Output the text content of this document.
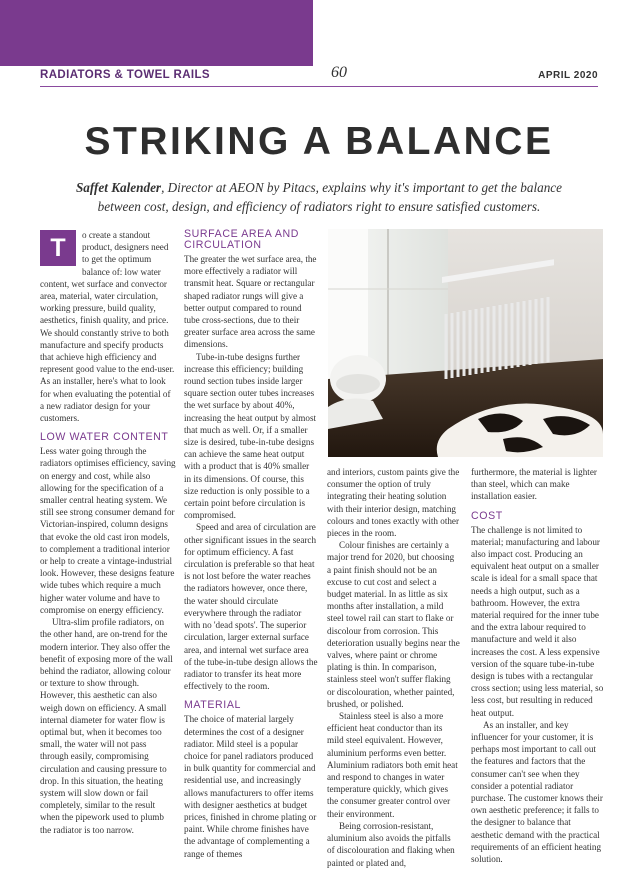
RADIATORS & TOWEL RAILS	60	APRIL 2020
STRIKING A BALANCE
Saffet Kalender, Director at AEON by Pitacs, explains why it's important to get the balance between cost, design, and efficiency of radiators right to ensure satisfied customers.

T	o create a standout product, designers need to get the optimum balance of: low water content, wet surface and convector area, material, water circulation, working pressure, build quality, aesthetics, finish quality, and price. We should constantly strive to both manufacture and specify products that achieve high efficiency and represent good value to the end-user. As an installer, here's what to look for when evaluating the potential of a new radiator design for your customers.

LOW WATER CONTENT

Less water going through the radiators optimises efficiency, saving on energy and cost, while also allowing for the specification of a smaller central heating system. We still see strong consumer demand for Victorian-inspired, column designs that evoke the old cast iron models, to complement a traditional interior or help to create a vintage-industrial look. However, these designs feature wide tubes which require a much higher water volume and have to compromise on energy efficiency.

Ultra-slim profile radiators, on the other hand, are on-trend for the modern interior. They also offer the benefit of exposing more of the wall behind the radiator, allowing colour or texture to show through. However, this aesthetic can also weigh down on efficiency. A small internal diameter for water flow is optimal but, when it becomes too small, the water will not pass through easily, compromising circulation and causing pressure to drop. In this situation, the heating system will slow down or fail completely, similar to the result when the pipework used to plumb the radiator is too narrow.

SURFACE AREA AND CIRCULATION

The greater the wet surface area, the more effectively a radiator will transmit heat. Square or rectangular shaped radiator rungs will give a better output compared to round tube cross-sections, due to their greater surface area across the same dimensions.

Tube-in-tube designs further increase this efficiency; building round section tubes inside larger square section outer tubes increases the wet surface by about 40%, increasing the heat output by almost that much as well. Or, if a smaller size is desired, tube-in-tube designs can achieve the same heat output with a product that is 40% smaller in its dimensions. Of course, this size reduction is only possible to a certain point before circulation is compromised.

Speed and area of circulation are other significant issues in the search for optimum efficiency. A fast circulation is preferable so that heat is not lost before the water reaches the radiators however, once there, the water should circulate everywhere through the radiator with no 'dead spots'. The superior circulation, larger external surface area, and internal wet surface area of the tube-in-tube design allows the radiator to transfer its heat more effectively to the room.

MATERIAL

The choice of material largely determines the cost of a designer radiator. Mild steel is a popular choice for panel radiators produced in bulk quantity for commercial and residential use, and increasingly allows manufacturers to offer items with designer aesthetics at budget prices, finished in chrome plating or paint. While chrome finishes have the advantage of complementing a range of themes

and interiors, custom paints give the consumer the option of truly integrating their heating solution with their interior design, matching colours and tones exactly with other pieces in the room.

Colour finishes are certainly a major trend for 2020, but choosing a paint finish should not be an excuse to cut cost and select a budget material. In as little as six months after installation, a mild steel towel rail can start to flake or discolour from corrosion. This deterioration usually begins near the valves, where paint or chrome plating is thin. In comparison, stainless steel won't suffer flaking or discolouration, whether painted, brushed, or polished.

Stainless steel is also a more efficient heat conductor than its mild steel equivalent. However, aluminium performs even better. Aluminium radiators both emit heat and respond to changes in water temperature quickly, which gives the consumer greater control over their environment.

Being corrosion-resistant, aluminium also avoids the pitfalls of discolouration and flaking when painted or plated and,

furthermore, the material is lighter than steel, which can make installation easier.

COST

The challenge is not limited to material; manufacturing and labour also impact cost. Producing an equivalent heat output on a smaller scale is ideal for a small space that needs a high output, such as a bathroom. However, the extra material required for the inner tube and the extra labour required to manufacture and weld it also increases the cost. A less expensive version of the square tube-in-tube design is tubes with a rectangular cross section; using less material, so less cost, but resulting in reduced heat output.

As an installer, and key influencer for your customer, it is perhaps most important to call out the features and factors that the consumer can't see when they consider a potential radiator purchase. The customer knows their own aesthetic preference; it falls to the designer to balance that aesthetic demand with the practical requirements of an efficient heating solution.
